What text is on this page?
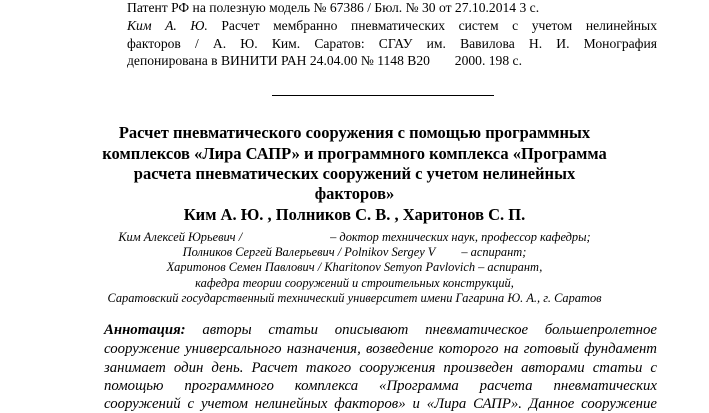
Патент РФ на полезную модель № 67386 / Бюл. № 30 от 27.10.2014 3 с.
Ким А. Ю. Расчет мембранно пневматических систем с учетом нелинейных
факторов / А. Ю. Ким. Саратов: СГАУ им. Вавилова Н. И. Монография
депонирована в ВИНИТИ РАН 24.04.00 № 1148 В20 2000. 198 с.
Расчет пневматического сооружения с помощью программных
комплексов «Лира САПР» и программного комплекса «Программа
расчета пневматических сооружений с учетом нелинейных
факторов»
Ким А. Ю. , Полников С. В. , Харитонов С. П.
Ким Алексей Юрьевич /	– доктор технических наук, профессор кафедры;
Полников Сергей Валерьевич / Polnikov Sergey V – аспирант;
Харитонов Семен Павлович / Kharitonov Semyon Pavlovich – аспирант,
кафедра теории сооружений и строительных конструкций,
Саратовский государственный технический университет имени Гагарина Ю. А., г. Саратов
Аннотация: авторы статьи описывают пневматическое большепролетное
сооружение универсального назначения, возведение которого на готовый фундамент
занимает один день. Расчет такого сооружения произведен авторами статьи с
помощью программного комплекса «Программа расчета пневматических
сооружений с учетом нелинейных факторов» и «Лира САПР». Данное сооружение
